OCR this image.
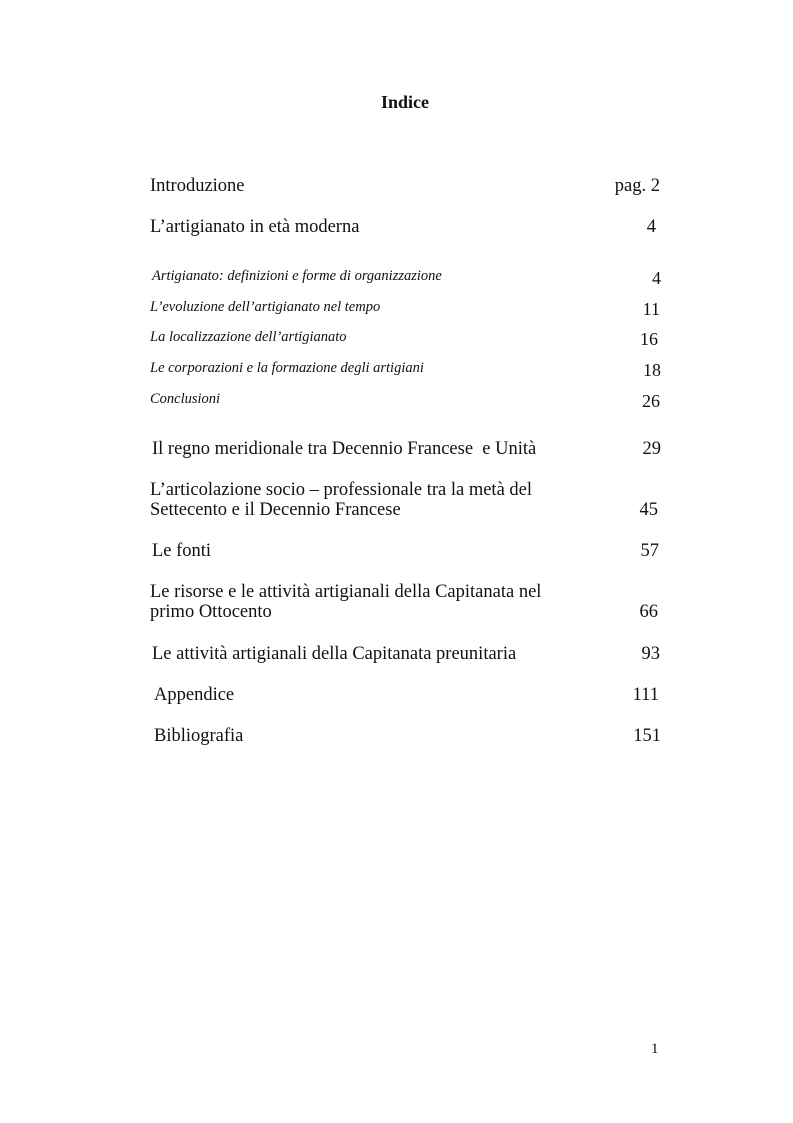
Indice
Introduzione	pag. 2
L’artigianato in età moderna	4
Artigianato: definizioni e forme di organizzazione	4
L’evoluzione dell’artigianato nel tempo	11
La localizzazione dell’artigianato	16
Le corporazioni e la formazione degli artigiani	18
Conclusioni	26
Il regno meridionale tra Decennio Francese  e Unità	29
L’articolazione socio – professionale tra la metà del Settecento e il Decennio Francese	45
Le fonti	57
Le risorse e le attività artigianali della Capitanata nel primo Ottocento	66
Le attività artigianali della Capitanata preunitaria	93
Appendice	111
Bibliografia	151
1
